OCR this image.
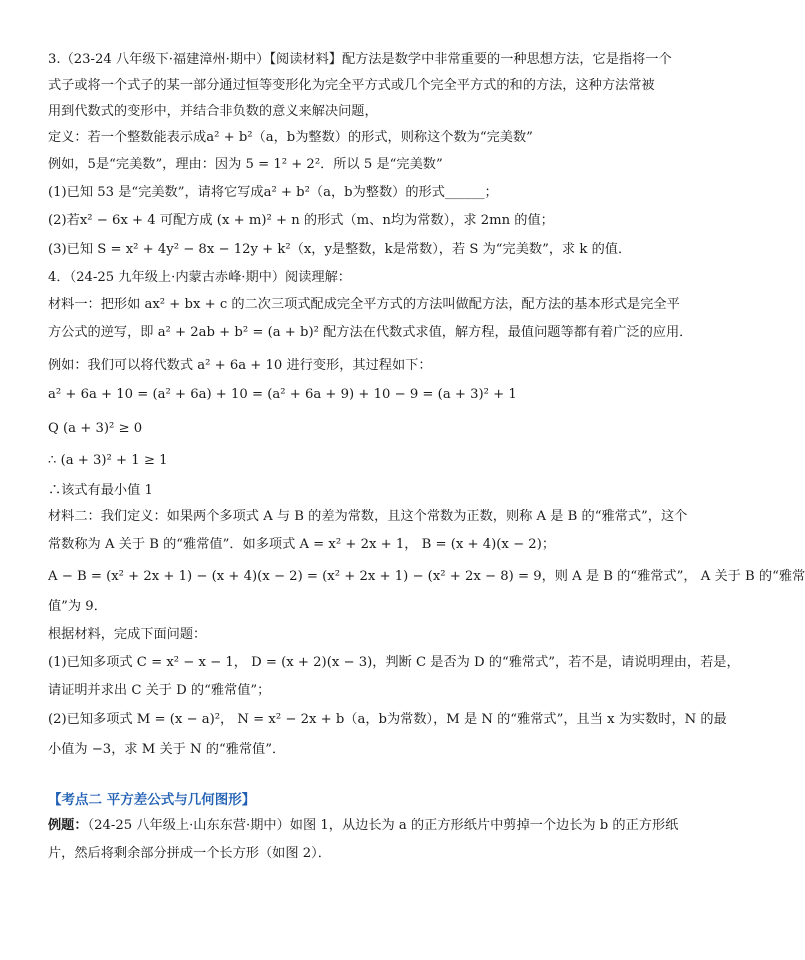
3.（23-24 八年级下·福建漳州·期中）【阅读材料】配方法是数学中非常重要的一种思想方法，它是指将一个
式子或将一个式子的某一部分通过恒等变形化为完全平方式或几个完全平方式的和的方法，这种方法常被
用到代数式的变形中，并结合非负数的意义来解决问题，
定义：若一个整数能表示成a² + b²（a，b为整数）的形式，则称这个数为“完美数”
例如，5是“完美数”，理由：因为 5 = 1² + 2²．所以 5 是“完美数”
(1)已知 53 是“完美数”，请将它写成a² + b²（a，b为整数）的形式______；
(2)若x² − 6x + 4 可配方成 (x + m)² + n 的形式（m、n均为常数），求 2mn 的值；
(3)已知 S = x² + 4y² − 8x − 12y + k²（x，y是整数，k是常数），若 S 为“完美数”，求 k 的值．
4．（24-25 九年级上·内蒙古赤峰·期中）阅读理解：
材料一：把形如 ax² + bx + c 的二次三项式配成完全平方式的方法叫做配方法，配方法的基本形式是完全平
方公式的逆写，即 a² + 2ab + b² = (a + b)² 配方法在代数式求值，解方程，最值问题等都有着广泛的应用．
例如：我们可以将代数式 a² + 6a + 10 进行变形，其过程如下：
a² + 6a + 10 = (a² + 6a) + 10 = (a² + 6a + 9) + 10 − 9 = (a + 3)² + 1
Q (a + 3)² ≥ 0
∴ (a + 3)² + 1 ≥ 1
∴该式有最小值 1
材料二：我们定义：如果两个多项式 A 与 B 的差为常数，且这个常数为正数，则称 A 是 B 的“雅常式”，这个
常数称为 A 关于 B 的“雅常值”．如多项式 A = x² + 2x + 1， B = (x + 4)(x − 2)；
A − B = (x² + 2x + 1) − (x + 4)(x − 2) = (x² + 2x + 1) − (x² + 2x − 8) = 9，则 A 是 B 的“雅常式”， A 关于 B 的“雅常
值”为 9．
根据材料，完成下面问题：
(1)已知多项式 C = x² − x − 1， D = (x + 2)(x − 3)，判断 C 是否为 D 的“雅常式”，若不是，请说明理由，若是，
请证明并求出 C 关于 D 的“雅常值”；
(2)已知多项式 M = (x − a)²， N = x² − 2x + b（a，b为常数），M 是 N 的“雅常式”，且当 x 为实数时，N 的最
小值为 −3，求 M 关于 N 的“雅常值”．
【考点二 平方差公式与几何图形】
例题：（24-25 八年级上·山东东营·期中）如图 1，从边长为 a 的正方形纸片中剪掉一个边长为 b 的正方形纸
片，然后将剩余部分拼成一个长方形（如图 2）．
